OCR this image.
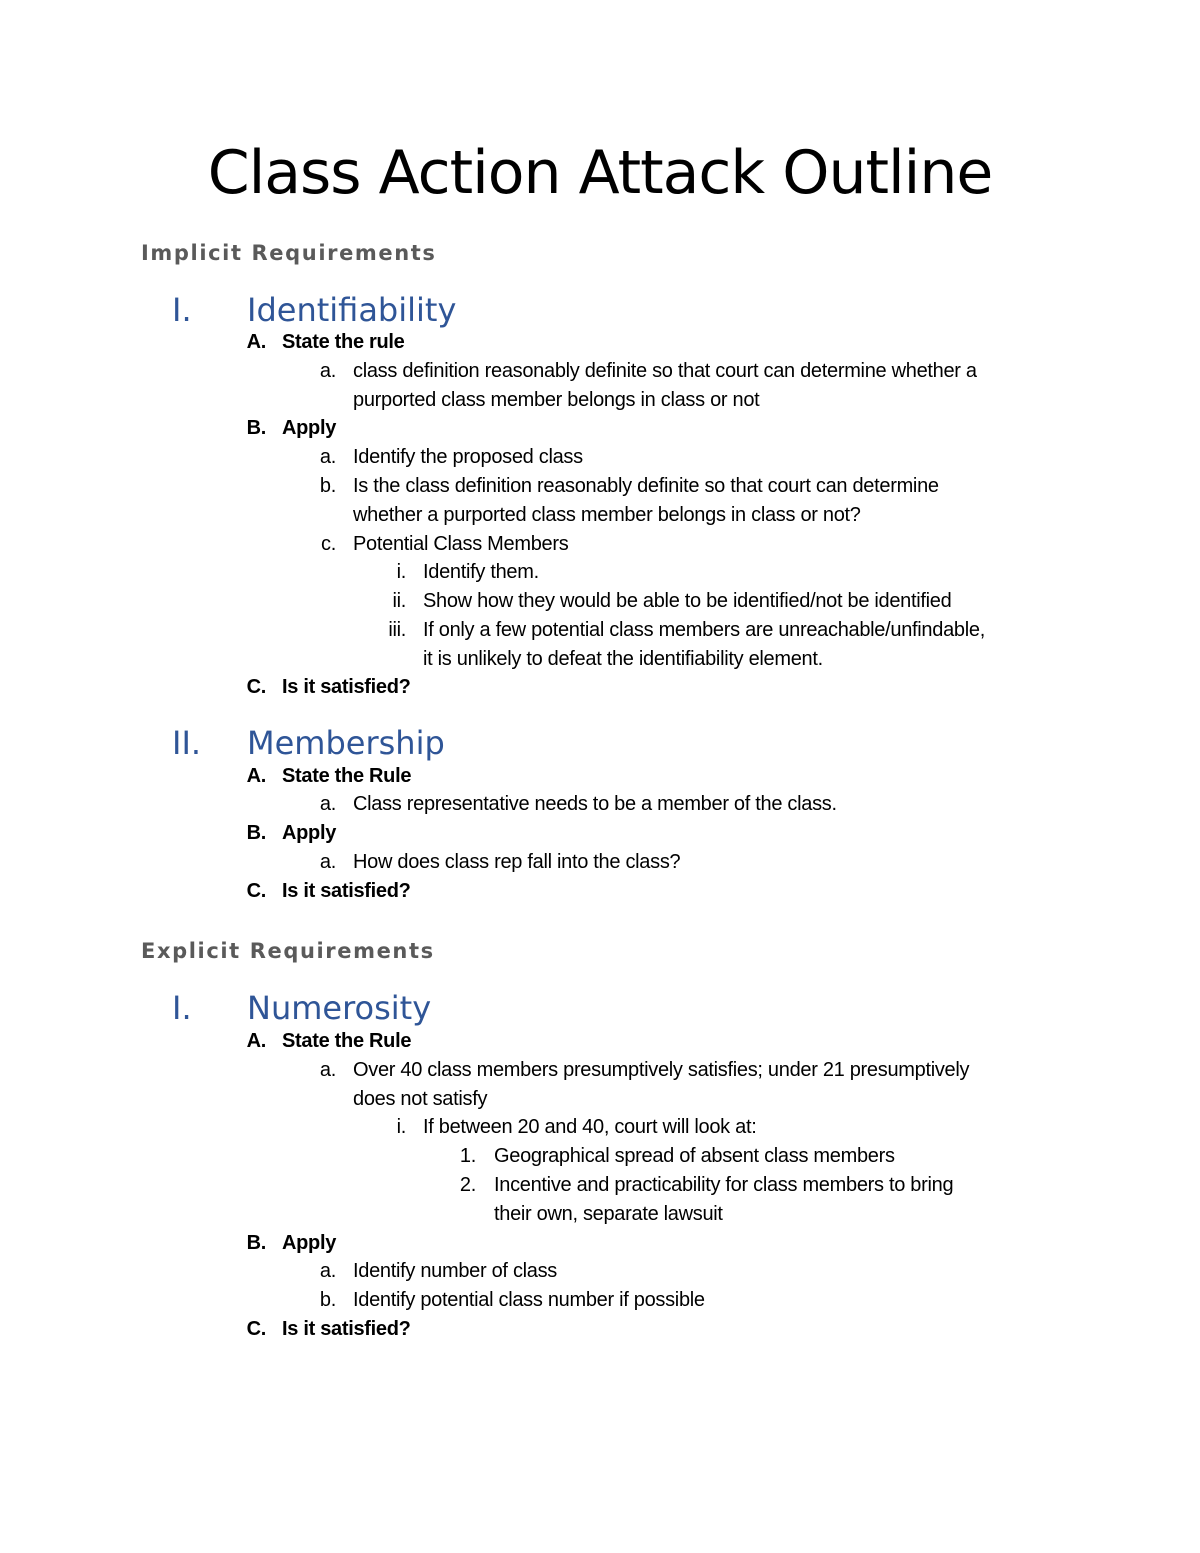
Class Action Attack Outline
Implicit Requirements
I. Identifiability
A. State the rule
a. class definition reasonably definite so that court can determine whether a
purported class member belongs in class or not
B. Apply
a. Identify the proposed class
b. Is the class definition reasonably definite so that court can determine
whether a purported class member belongs in class or not?
c. Potential Class Members
i. Identify them.
ii. Show how they would be able to be identified/not be identified
iii. If only a few potential class members are unreachable/unfindable,
it is unlikely to defeat the identifiability element.
C. Is it satisfied?
II. Membership
A. State the Rule
a. Class representative needs to be a member of the class.
B. Apply
a. How does class rep fall into the class?
C. Is it satisfied?
Explicit Requirements
I. Numerosity
A. State the Rule
a. Over 40 class members presumptively satisfies; under 21 presumptively
does not satisfy
i. If between 20 and 40, court will look at:
1. Geographical spread of absent class members
2. Incentive and practicability for class members to bring
their own, separate lawsuit
B. Apply
a. Identify number of class
b. Identify potential class number if possible
C. Is it satisfied?
